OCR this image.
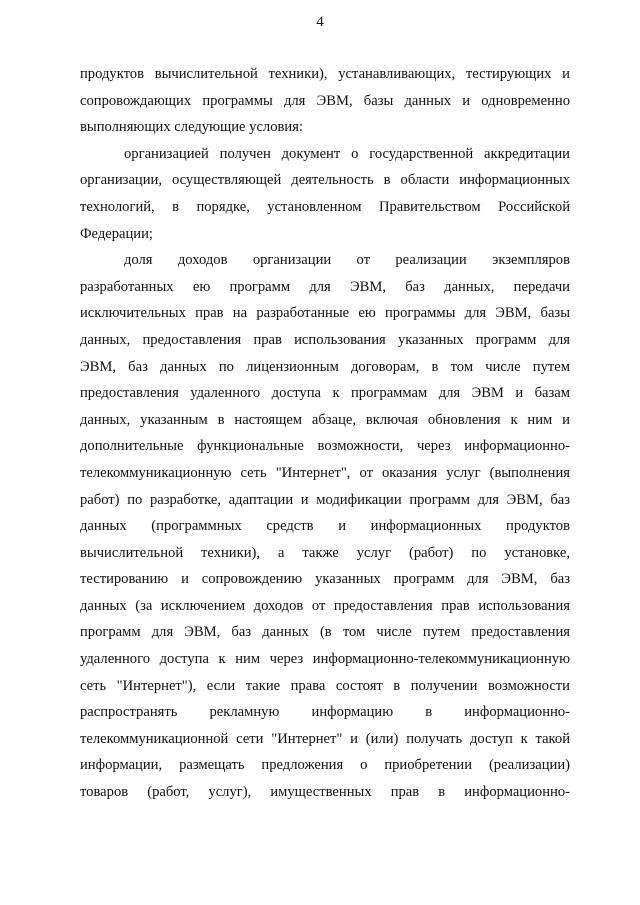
4
продуктов вычислительной техники), устанавливающих, тестирующих и
сопровождающих программы для ЭВМ, базы данных и одновременно
выполняющих следующие условия:
организацией получен документ о государственной аккредитации
организации, осуществляющей деятельность в области информационных
технологий, в порядке, установленном Правительством Российской
Федерации;
доля доходов организации от реализации экземпляров
разработанных ею программ для ЭВМ, баз данных, передачи
исключительных прав на разработанные ею программы для ЭВМ, базы
данных, предоставления прав использования указанных программ для
ЭВМ, баз данных по лицензионным договорам, в том числе путем
предоставления удаленного доступа к программам для ЭВМ и базам
данных, указанным в настоящем абзаце, включая обновления к ним и
дополнительные функциональные возможности, через информационно-
телекоммуникационную сеть "Интернет", от оказания услуг (выполнения
работ) по разработке, адаптации и модификации программ для ЭВМ, баз
данных (программных средств и информационных продуктов
вычислительной техники), а также услуг (работ) по установке,
тестированию и сопровождению указанных программ для ЭВМ, баз
данных (за исключением доходов от предоставления прав использования
программ для ЭВМ, баз данных (в том числе путем предоставления
удаленного доступа к ним через информационно-телекоммуникационную
сеть "Интернет"), если такие права состоят в получении возможности
распространять рекламную информацию в информационно-
телекоммуникационной сети "Интернет" и (или) получать доступ к такой
информации, размещать предложения о приобретении (реализации)
товаров (работ, услуг), имущественных прав в информационно-
